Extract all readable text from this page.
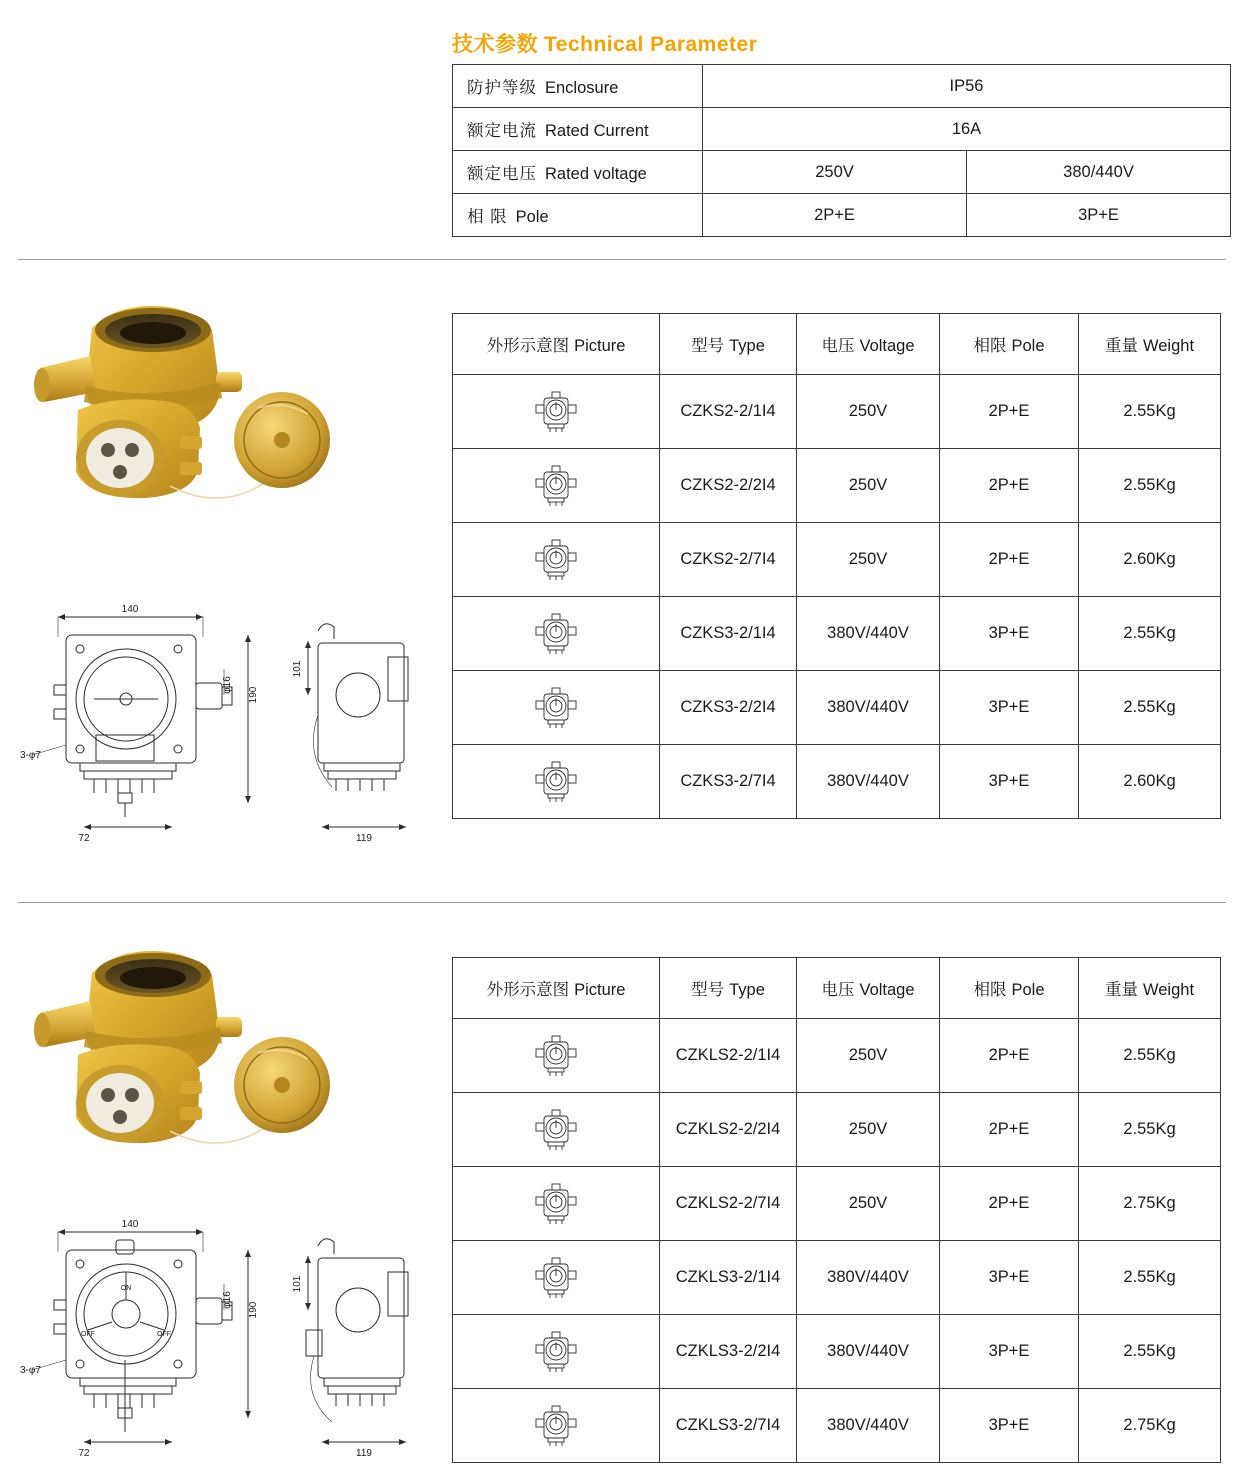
技术参数 Technical Parameter
防护等级 Enclosure	IP56	
额定电流 Rated Current	16A	
额定电压 Rated voltage	250V	380/440V
相 限 Pole	2P+E	3P+E
140
72	119
3-φ7
190
φ16
101
140
72	119
ON
OFF	OFF
3-φ7
190
φ16
101
外形示意图 Picture	型号 Type	电压 Voltage	相限 Pole	重量 Weight
	CZKS2-2/1I4	250V	2P+E	2.55Kg
	CZKS2-2/2I4	250V	2P+E	2.55Kg
	CZKS2-2/7I4	250V	2P+E	2.60Kg
	CZKS3-2/1I4	380V/440V	3P+E	2.55Kg
	CZKS3-2/2I4	380V/440V	3P+E	2.55Kg
	CZKS3-2/7I4	380V/440V	3P+E	2.60Kg
外形示意图 Picture	型号 Type	电压 Voltage	相限 Pole	重量 Weight
	CZKLS2-2/1I4	250V	2P+E	2.55Kg
	CZKLS2-2/2I4	250V	2P+E	2.55Kg
	CZKLS2-2/7I4	250V	2P+E	2.75Kg
	CZKLS3-2/1I4	380V/440V	3P+E	2.55Kg
	CZKLS3-2/2I4	380V/440V	3P+E	2.55Kg
	CZKLS3-2/7I4	380V/440V	3P+E	2.75Kg
